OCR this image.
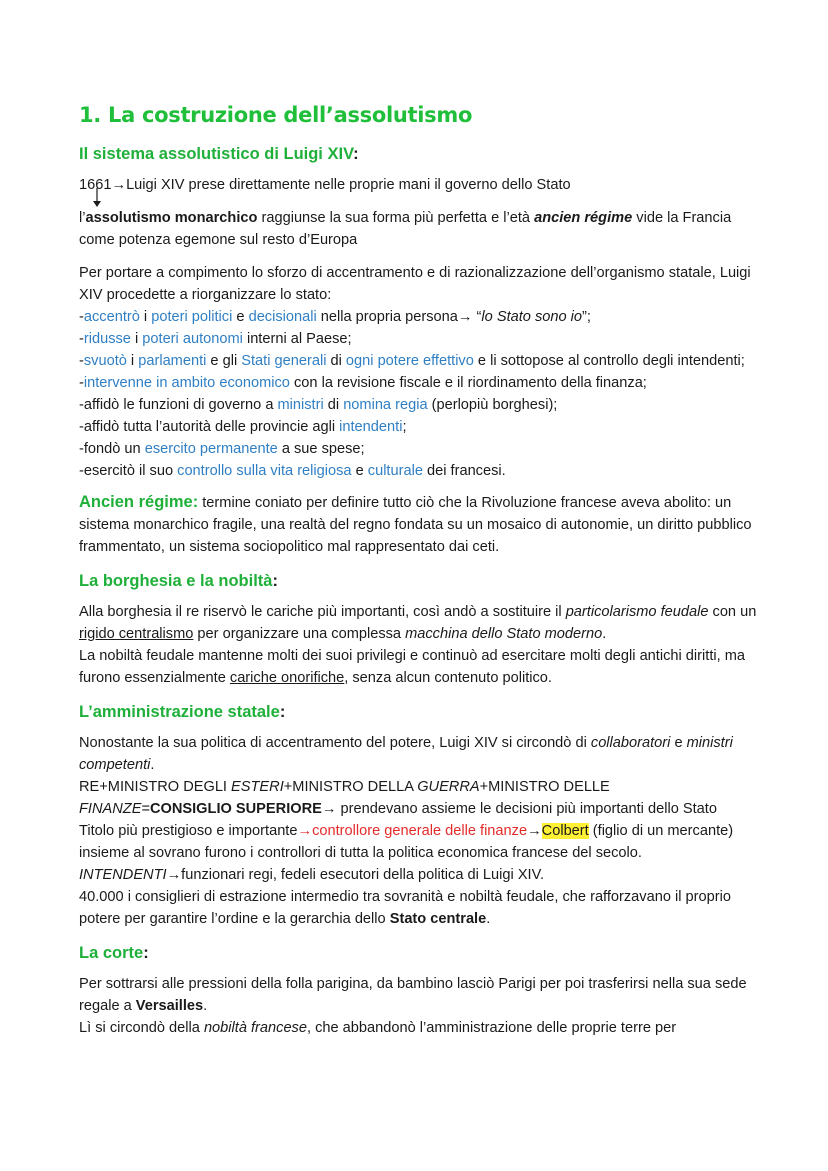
1. La costruzione dell’assolutismo
Il sistema assolutistico di Luigi XIV:

1661→Luigi XIV prese direttamente nelle proprie mani il governo dello Stato

l’assolutismo monarchico raggiunse la sua forma più perfetta e l’età ancien régime vide la Francia come potenza egemone sul resto d’Europa

Per portare a compimento lo sforzo di accentramento e di razionalizzazione dell’organismo statale, Luigi XIV procedette a riorganizzare lo stato:

-accentrò i poteri politici e decisionali nella propria persona→ “lo Stato sono io”;

-ridusse i poteri autonomi interni al Paese;

-svuotò i parlamenti e gli Stati generali di ogni potere effettivo e li sottopose al controllo degli intendenti;

-intervenne in ambito economico con la revisione fiscale e il riordinamento della finanza;

-affidò le funzioni di governo a ministri di nomina regia (perlopiù borghesi);

-affidò tutta l’autorità delle provincie agli intendenti;

-fondò un esercito permanente a sue spese;

-esercitò il suo controllo sulla vita religiosa e culturale dei francesi.

Ancien régime: termine coniato per definire tutto ciò che la Rivoluzione francese aveva abolito: un sistema monarchico fragile, una realtà del regno fondata su un mosaico di autonomie, un diritto pubblico frammentato, un sistema sociopolitico mal rappresentato dai ceti.

La borghesia e la nobiltà:

Alla borghesia il re riservò le cariche più importanti, così andò a sostituire il particolarismo feudale con un rigido centralismo per organizzare una complessa macchina dello Stato moderno.

La nobiltà feudale mantenne molti dei suoi privilegi e continuò ad esercitare molti degli antichi diritti, ma furono essenzialmente cariche onorifiche, senza alcun contenuto politico.

L’amministrazione statale:

Nonostante la sua politica di accentramento del potere, Luigi XIV si circondò di collaboratori e ministri competenti.

RE+MINISTRO DEGLI ESTERI+MINISTRO DELLA GUERRA+MINISTRO DELLE FINANZE=CONSIGLIO SUPERIORE→ prendevano assieme le decisioni più importanti dello Stato

Titolo più prestigioso e importante→controllore generale delle finanze→Colbert (figlio di un mercante) insieme al sovrano furono i controllori di tutta la politica economica francese del secolo.

INTENDENTI→funzionari regi, fedeli esecutori della politica di Luigi XIV.

40.000 i consiglieri di estrazione intermedio tra sovranità e nobiltà feudale, che rafforzavano il proprio potere per garantire l’ordine e la gerarchia dello Stato centrale.

La corte:

Per sottrarsi alle pressioni della folla parigina, da bambino lasciò Parigi per poi trasferirsi nella sua sede regale a Versailles.

Lì si circondò della nobiltà francese, che abbandonò l’amministrazione delle proprie terre per
